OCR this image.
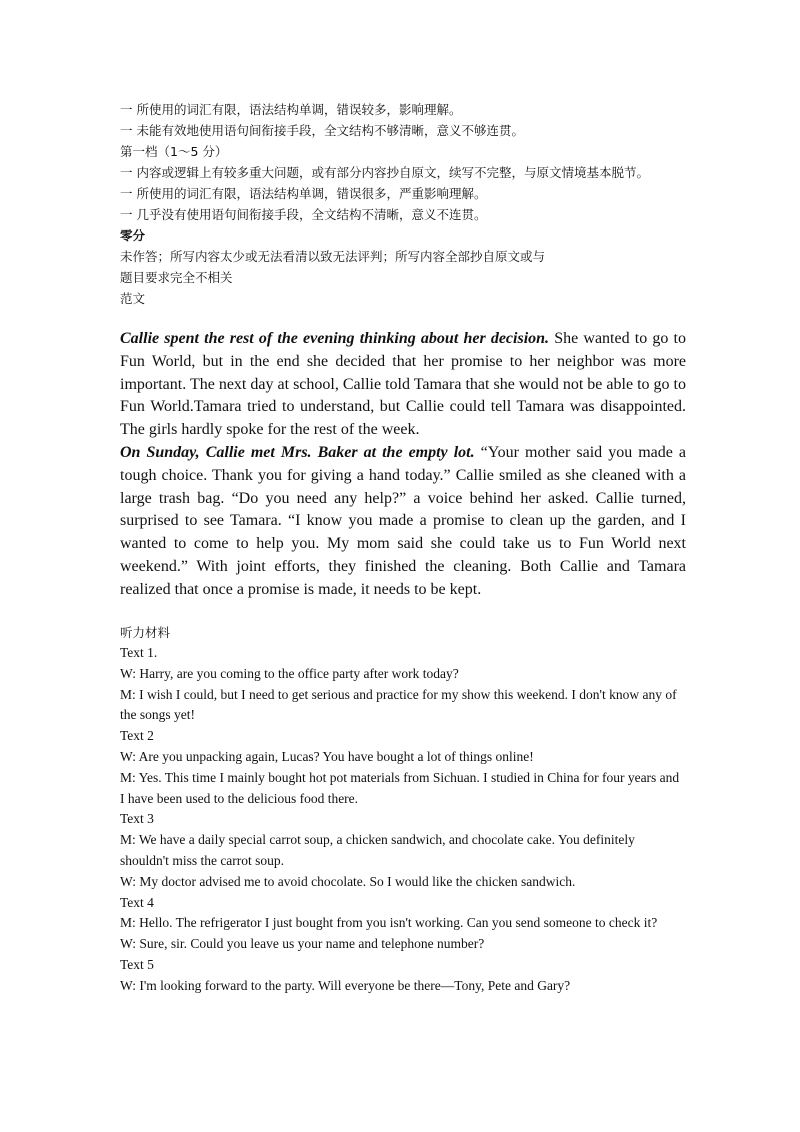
一 所使用的词汇有限，语法结构单调，错误较多，影响理解。

一 未能有效地使用语句间衔接手段，全文结构不够清晰，意义不够连贯。

第一档（1～5 分）

一 内容或逻辑上有较多重大问题，或有部分内容抄自原文，续写不完整，与原文情境基本脱节。

一 所使用的词汇有限，语法结构单调，错误很多，严重影响理解。

一 几乎没有使用语句间衔接手段，全文结构不清晰，意义不连贯。

零分

未作答；所写内容太少或无法看清以致无法评判；所写内容全部抄自原文或与

题目要求完全不相关

范文

Callie spent the rest of the evening thinking about her decision. She wanted to go to Fun World, but in the end she decided that her promise to her neighbor was more important. The next day at school, Callie told Tamara that she would not be able to go to Fun World.Tamara tried to understand, but Callie could tell Tamara was disappointed. The girls hardly spoke for the rest of the week.

On Sunday, Callie met Mrs. Baker at the empty lot. “Your mother said you made a tough choice. Thank you for giving a hand today.” Callie smiled as she cleaned with a large trash bag. “Do you need any help?” a voice behind her asked. Callie turned, surprised to see Tamara. “I know you made a promise to clean up the garden, and I wanted to come to help you. My mom said she could take us to Fun World next weekend.” With joint efforts, they finished the cleaning. Both Callie and Tamara realized that once a promise is made, it needs to be kept.

听力材料

Text 1.

W: Harry, are you coming to the office party after work today?

M: I wish I could, but I need to get serious and practice for my show this weekend. I don't know any of the songs yet!

Text 2

W: Are you unpacking again, Lucas? You have bought a lot of things online!

M: Yes. This time I mainly bought hot pot materials from Sichuan. I studied in China for four years and I have been used to the delicious food there.

Text 3

M: We have a daily special carrot soup, a chicken sandwich, and chocolate cake. You definitely shouldn't miss the carrot soup.

W: My doctor advised me to avoid chocolate. So I would like the chicken sandwich.

Text 4

M: Hello. The refrigerator I just bought from you isn't working. Can you send someone to check it?

W: Sure, sir. Could you leave us your name and telephone number?

Text 5

W: I'm looking forward to the party. Will everyone be there—Tony, Pete and Gary?
